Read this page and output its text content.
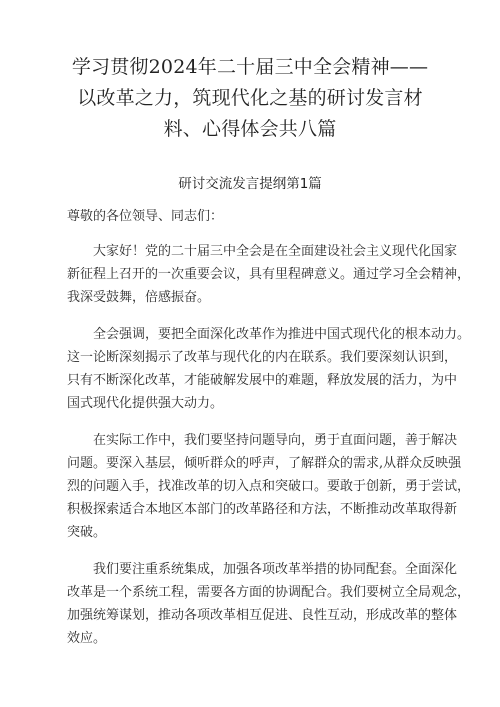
学习贯彻2024年二十届三中全会精神——
以改革之力，筑现代化之基的研讨发言材
料、心得体会共八篇
研讨交流发言提纲第1篇

尊敬的各位领导、同志们：

大家好！党的二十届三中全会是在全面建设社会主义现代化国家
新征程上召开的一次重要会议，具有里程碑意义。通过学习全会精神，
我深受鼓舞，倍感振奋。

全会强调，要把全面深化改革作为推进中国式现代化的根本动力。
这一论断深刻揭示了改革与现代化的内在联系。我们要深刻认识到，
只有不断深化改革，才能破解发展中的难题，释放发展的活力，为中
国式现代化提供强大动力。

在实际工作中，我们要坚持问题导向，勇于直面问题，善于解决
问题。要深入基层，倾听群众的呼声，了解群众的需求,从群众反映强
烈的问题入手，找准改革的切入点和突破口。要敢于创新，勇于尝试，
积极探索适合本地区本部门的改革路径和方法，不断推动改革取得新
突破。

我们要注重系统集成，加强各项改革举措的协同配套。全面深化
改革是一个系统工程，需要各方面的协调配合。我们要树立全局观念，
加强统筹谋划，推动各项改革相互促进、良性互动，形成改革的整体
效应。
